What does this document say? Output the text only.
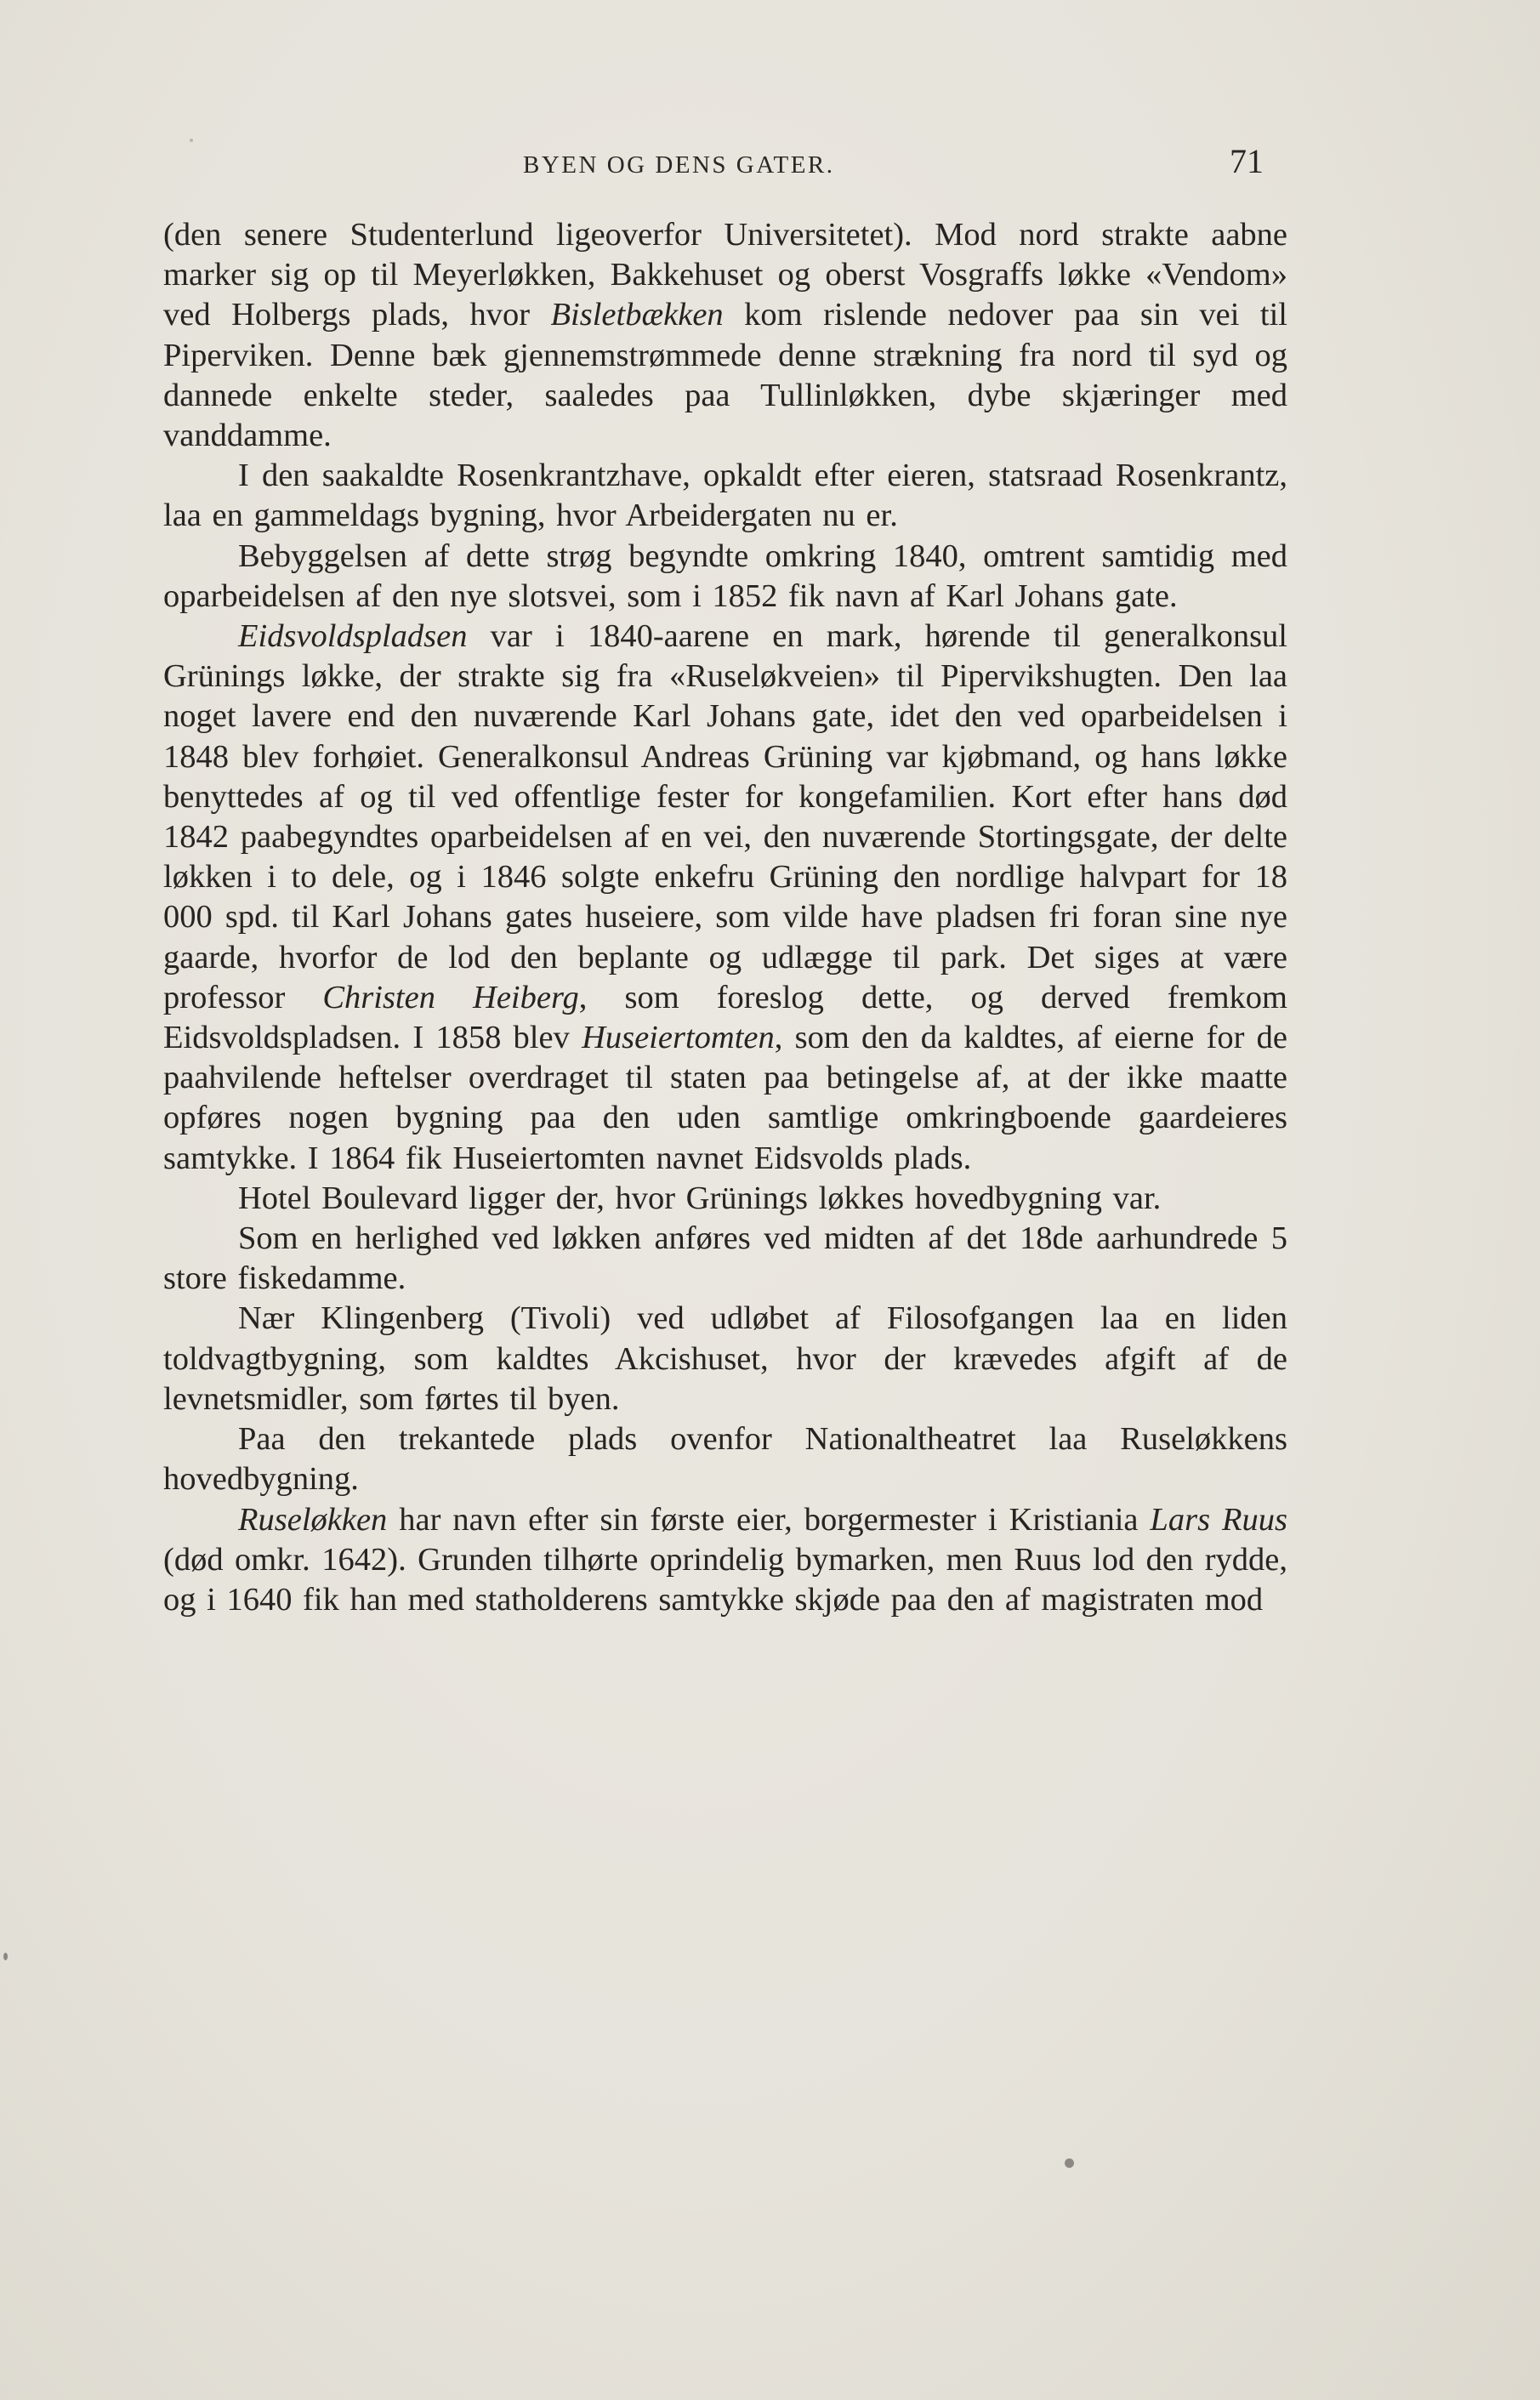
BYEN OG DENS GATER.	71

(den senere Studenterlund ligeoverfor Universitetet). Mod nord strakte aabne marker sig op til Meyerløkken, Bakkehuset og oberst Vosgraffs løkke «Vendom» ved Holbergs plads, hvor Bisletbækken kom rislende nedover paa sin vei til Piperviken. Denne bæk gjennemstrømmede denne strækning fra nord til syd og dannede enkelte steder, saaledes paa Tullinløkken, dybe skjæringer med vanddamme.

I den saakaldte Rosenkrantzhave, opkaldt efter eieren, statsraad Rosenkrantz, laa en gammeldags bygning, hvor Arbeidergaten nu er.

Bebyggelsen af dette strøg begyndte omkring 1840, omtrent samtidig med oparbeidelsen af den nye slotsvei, som i 1852 fik navn af Karl Johans gate.

Eidsvoldspladsen var i 1840-aarene en mark, hørende til generalkonsul Grünings løkke, der strakte sig fra «Ruseløkveien» til Pipervikshugten. Den laa noget lavere end den nuværende Karl Johans gate, idet den ved oparbeidelsen i 1848 blev forhøiet. Generalkonsul Andreas Grüning var kjøbmand, og hans løkke benyttedes af og til ved offentlige fester for kongefamilien. Kort efter hans død 1842 paabegyndtes oparbeidelsen af en vei, den nuværende Stortingsgate, der delte løkken i to dele, og i 1846 solgte enkefru Grüning den nordlige halvpart for 18 000 spd. til Karl Johans gates huseiere, som vilde have pladsen fri foran sine nye gaarde, hvorfor de lod den beplante og udlægge til park. Det siges at være professor Christen Heiberg, som foreslog dette, og derved fremkom Eidsvoldspladsen. I 1858 blev Huseiertomten, som den da kaldtes, af eierne for de paahvilende heftelser overdraget til staten paa betingelse af, at der ikke maatte opføres nogen bygning paa den uden samtlige omkringboende gaardeieres samtykke. I 1864 fik Huseiertomten navnet Eidsvolds plads.

Hotel Boulevard ligger der, hvor Grünings løkkes hovedbygning var.

Som en herlighed ved løkken anføres ved midten af det 18de aarhundrede 5 store fiskedamme.

Nær Klingenberg (Tivoli) ved udløbet af Filosofgangen laa en liden toldvagtbygning, som kaldtes Akcishuset, hvor der krævedes afgift af de levnetsmidler, som førtes til byen.

Paa den trekantede plads ovenfor Nationaltheatret laa Ruseløkkens hovedbygning.

Ruseløkken har navn efter sin første eier, borgermester i Kristiania Lars Ruus (død omkr. 1642). Grunden tilhørte oprindelig bymarken, men Ruus lod den rydde, og i 1640 fik han med statholderens samtykke skjøde paa den af magistraten mod
